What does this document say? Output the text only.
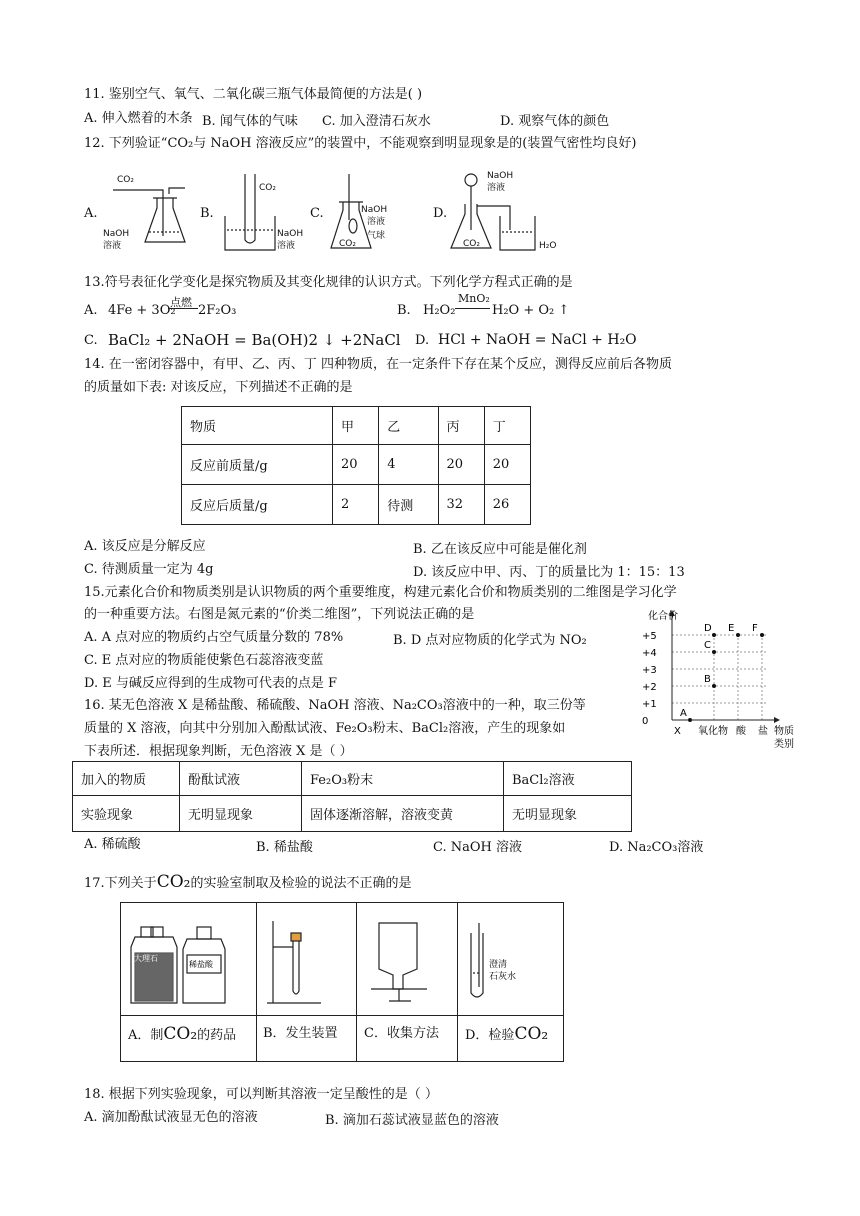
11. 鉴别空气、氧气、二氧化碳三瓶气体最简便的方法是( )
A. 伸入燃着的木条 B. 闻气体的气味 C. 加入澄清石灰水	D. 观察气体的颜色
12. 下列验证“CO₂与 NaOH 溶液反应”的装置中，不能观察到明显现象是的(装置气密性均良好)
A.	B.	C.	D.
CO₂
NaOH
溶液
CO₂
NaOH
溶液
NaOH
溶液
气球
CO₂
NaOH
溶液
CO₂	H₂O
13.符号表征化学变化是探究物质及其变化规律的认识方式。下列化学方程式正确的是
A. 4Fe + 3O₂
点燃
2F₂O₃	B. H₂O₂
MnO₂
H₂O + O₂ ↑
C. BaCl₂ + 2NaOH = Ba(OH)2 ↓ +2NaCl D. HCl + NaOH = NaCl + H₂O
14. 在一密闭容器中，有甲、乙、丙、丁 四种物质，在一定条件下存在某个反应，测得反应前后各物质
的质量如下表: 对该反应，下列描述不正确的是
物质	甲	乙	丙	丁
反应前质量/g	20	4	20	20
反应后质量/g	2	待测	32	26
A. 该反应是分解反应	B. 乙在该反应中可能是催化剂
C. 待测质量一定为 4g	D. 该反应中甲、丙、丁的质量比为 1：15：13
15.元素化合价和物质类别是认识物质的两个重要维度，构建元素化合价和物质类别的二维图是学习化学
的一种重要方法。右图是氮元素的“价类二维图”，下列说法正确的是
A. A 点对应的物质约占空气质量分数的 78%	B. D 点对应物质的化学式为 NO₂
C. E 点对应的物质能使紫色石蕊溶液变蓝
D. E 与碱反应得到的生成物可代表的点是 F
化合价
物质
类别
0
+1
+2
+3
+4
+5
X 氧化物 酸 盐
A
B
C
D E F
16. 某无色溶液 X 是稀盐酸、稀硫酸、NaOH 溶液、Na₂CO₃溶液中的一种，取三份等
质量的 X 溶液，向其中分别加入酚酞试液、Fe₂O₃粉末、BaCl₂溶液，产生的现象如
下表所述．根据现象判断，无色溶液 X 是（ ）
加入的物质	酚酞试液	Fe₂O₃粉末	BaCl₂溶液
实验现象	无明显现象	固体逐渐溶解，溶液变黄	无明显现象
A. 稀硫酸	B. 稀盐酸	C. NaOH 溶液	D. Na₂CO₃溶液
17.下列关于CO₂的实验室制取及检验的说法不正确的是
大理石
稀盐酸	澄清
石灰水
A．制CO₂的药品 B．发生装置 C．收集方法 D．检验CO₂
18. 根据下列实验现象，可以判断其溶液一定呈酸性的是（ ）
A. 滴加酚酞试液显无色的溶液	B. 滴加石蕊试液显蓝色的溶液
